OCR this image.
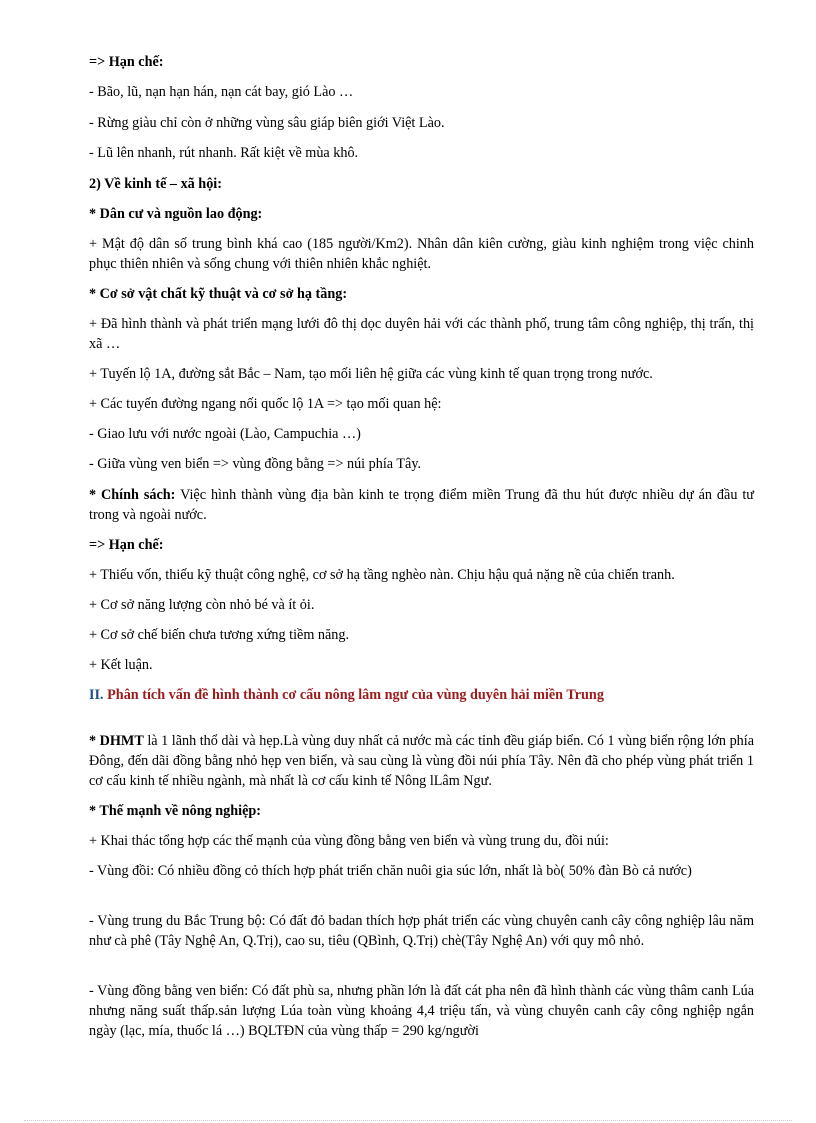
=> Hạn chế:

- Bão, lũ, nạn hạn hán, nạn cát bay, gió Lào …

- Rừng giàu chỉ còn ở những vùng sâu giáp biên giới Việt Lào.

- Lũ lên nhanh, rút nhanh. Rất kiệt về mùa khô.

2) Về kinh tế – xã hội:

* Dân cư và nguồn lao động:

+ Mật độ dân số trung bình khá cao (185 người/Km2). Nhân dân kiên cường, giàu kinh nghiệm trong việc chinh phục thiên nhiên và sống chung với thiên nhiên khắc nghiệt.

* Cơ sở vật chất kỹ thuật và cơ sở hạ tầng:

+ Đã hình thành và phát triển mạng lưới đô thị dọc duyên hải với các thành phố, trung tâm công nghiệp, thị trấn, thị xã …

+ Tuyến lộ 1A, đường sắt Bắc – Nam, tạo mối liên hệ giữa các vùng kinh tế quan trọng trong nước.

+ Các tuyến đường ngang nối quốc lộ 1A => tạo mối quan hệ:

- Giao lưu với nước ngoài (Lào, Campuchia …)

- Giữa vùng ven biển => vùng đồng bằng => núi phía Tây.

* Chính sách: Việc hình thành vùng địa bàn kinh te trọng điểm miền Trung đã thu hút được nhiều dự án đầu tư trong và ngoài nước.

=> Hạn chế:

+ Thiếu vốn, thiếu kỹ thuật công nghệ, cơ sở hạ tầng nghèo nàn. Chịu hậu quả nặng nề của chiến tranh.

+ Cơ sở năng lượng còn nhỏ bé và ít ỏi.

+ Cơ sở chế biến chưa tương xứng tiềm năng.

+ Kết luận.

II. Phân tích vấn đề hình thành cơ cấu nông lâm ngư của vùng duyên hải miền Trung

* DHMT là 1 lãnh thổ dài và hẹp.Là vùng duy nhất cả nước mà các tỉnh đều giáp biển. Có 1 vùng biển rộng lớn phía Đông, đến dãi đồng bằng nhỏ hẹp ven biển, và sau cùng là vùng đồi núi phía Tây. Nên đã cho phép vùng phát triển 1 cơ cấu kinh tế nhiều ngành, mà nhất là cơ cấu kinh tế Nông lLâm Ngư.

* Thế mạnh về nông nghiệp:

+ Khai thác tổng hợp các thế mạnh của vùng đồng bằng ven biển và vùng trung du, đồi núi:

- Vùng đồi: Có nhiều đồng cỏ thích hợp phát triển chăn nuôi gia súc lớn, nhất là bò( 50% đàn Bò cả nước)

- Vùng trung du Bắc Trung bộ: Có đất đỏ badan thích hợp phát triển các vùng chuyên canh cây công nghiệp lâu năm như cà phê (Tây Nghệ An, Q.Trị), cao su, tiêu (QBình, Q.Trị) chè(Tây Nghệ An) với quy mô nhỏ.

- Vùng đồng bằng ven biển: Có đất phù sa, nhưng phần lớn là đất cát pha nên đã hình thành các vùng thâm canh Lúa nhưng năng suất thấp.sản lượng Lúa toàn vùng khoảng 4,4 triệu tấn, và vùng chuyên canh cây công nghiệp ngắn ngày (lạc, mía, thuốc lá …) BQLTĐN của vùng thấp = 290 kg/người
